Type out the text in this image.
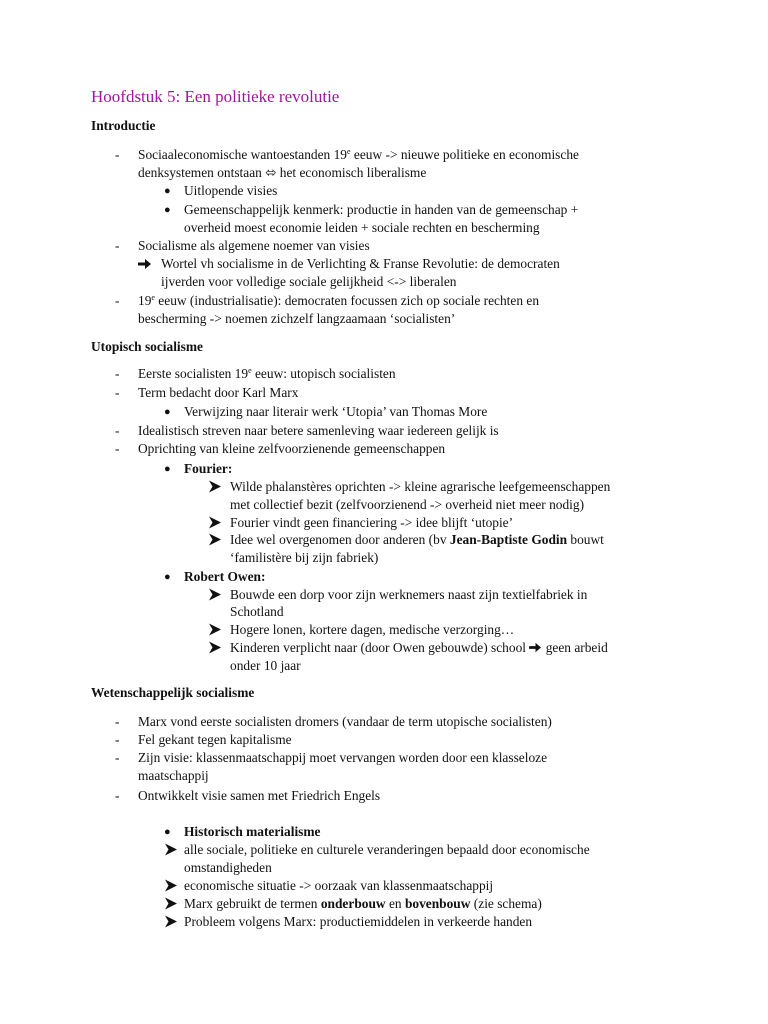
Hoofdstuk 5: Een politieke revolutie
Introductie
- Sociaaleconomische wantoestanden 19e eeuw -> nieuwe politieke en economische
denksystemen ontstaan ⬄ het economisch liberalisme
● Uitlopende visies
● Gemeenschappelijk kenmerk: productie in handen van de gemeenschap +
overheid moest economie leiden + sociale rechten en bescherming
- Socialisme als algemene noemer van visies
Wortel vh socialisme in de Verlichting & Franse Revolutie: de democraten
ijverden voor volledige sociale gelijkheid <-> liberalen
- 19e eeuw (industrialisatie): democraten focussen zich op sociale rechten en
bescherming -> noemen zichzelf langzaamaan ‘socialisten’
Utopisch socialisme
- Eerste socialisten 19e eeuw: utopisch socialisten
- Term bedacht door Karl Marx
● Verwijzing naar literair werk ‘Utopia’ van Thomas More
- Idealistisch streven naar betere samenleving waar iedereen gelijk is
- Oprichting van kleine zelfvoorzienende gemeenschappen
● Fourier:
Wilde phalanstères oprichten -> kleine agrarische leefgemeenschappen
met collectief bezit (zelfvoorzienend -> overheid niet meer nodig)
Fourier vindt geen financiering -> idee blijft ‘utopie’
Idee wel overgenomen door anderen (bv Jean-Baptiste Godin bouwt
‘familistère bij zijn fabriek)
● Robert Owen:
Bouwde een dorp voor zijn werknemers naast zijn textielfabriek in
Schotland
Hogere lonen, kortere dagen, medische verzorging…
Kinderen verplicht naar (door Owen gebouwde) school
geen arbeid
onder 10 jaar
Wetenschappelijk socialisme
- Marx vond eerste socialisten dromers (vandaar de term utopische socialisten)
- Fel gekant tegen kapitalisme
- Zijn visie: klassenmaatschappij moet vervangen worden door een klasseloze
maatschappij
- Ontwikkelt visie samen met Friedrich Engels
● Historisch materialisme
alle sociale, politieke en culturele veranderingen bepaald door economische
omstandigheden
economische situatie -> oorzaak van klassenmaatschappij
Marx gebruikt de termen onderbouw en bovenbouw (zie schema)
Probleem volgens Marx: productiemiddelen in verkeerde handen
